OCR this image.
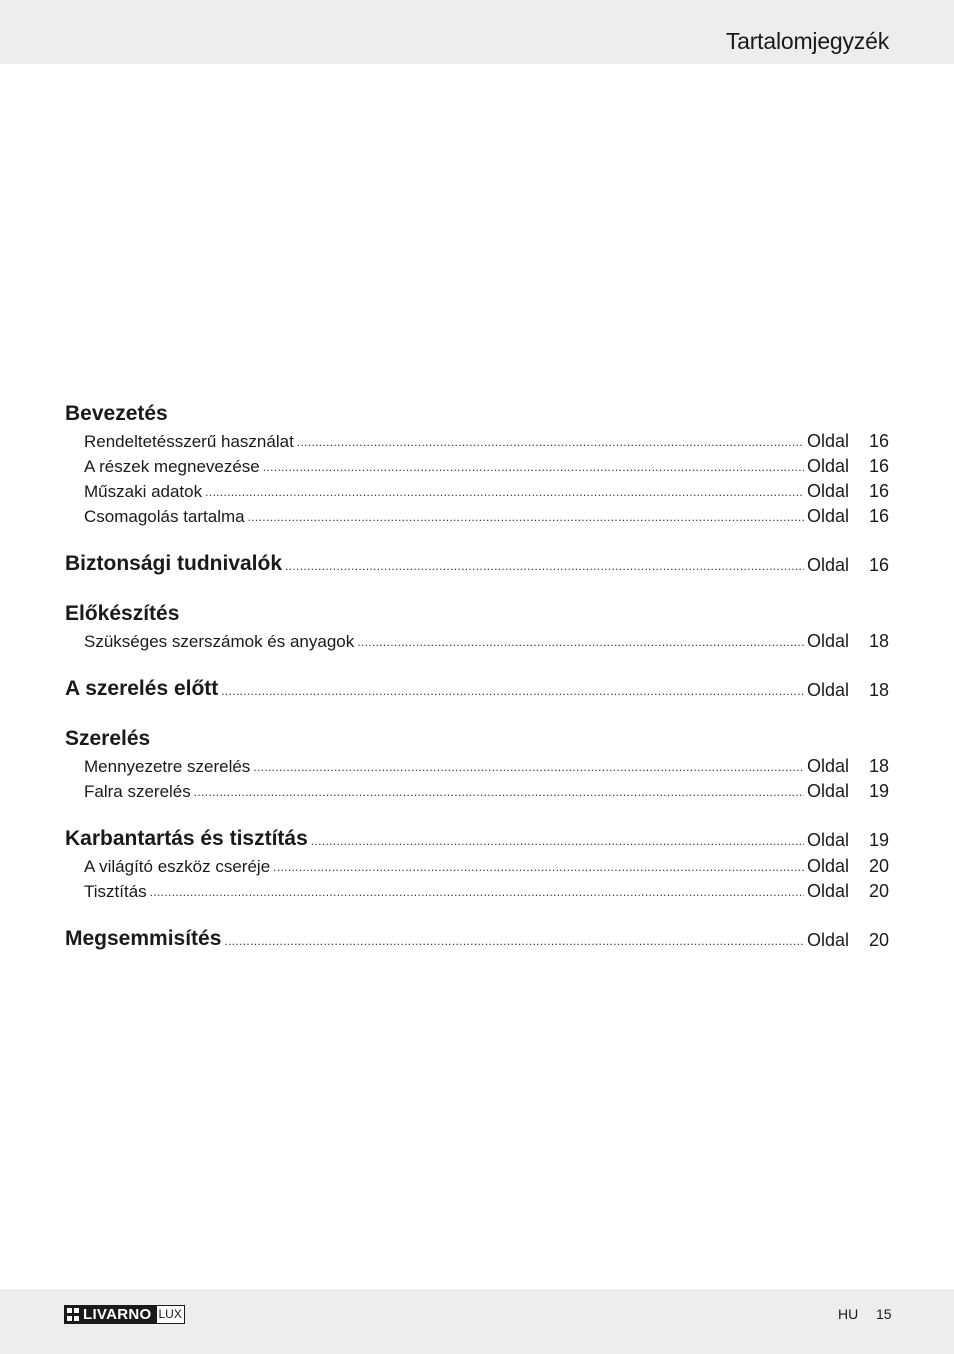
Tartalomjegyzék
Bevezetés
Rendeltetésszerű használat . . .	Oldal	16
A részek megnevezése . . .	Oldal	16
Műszaki adatok . . .	Oldal	16
Csomagolás tartalma . . .	Oldal	16
Biztonsági tudnivalók . . .	Oldal	16
Előkészítés
Szükséges szerszámok és anyagok . . .	Oldal	18
A szerelés előtt . . .	Oldal	18
Szerelés
Mennyezetre szerelés . . .	Oldal	18
Falra szerelés . . .	Oldal	19
Karbantartás és tisztítás . . .	Oldal	19
A világító eszköz cseréje . . .	Oldal	20
Tisztítás . . .	Oldal	20
Megsemmisítés . . .	Oldal	20
LIVARNO LUX	HU 15
